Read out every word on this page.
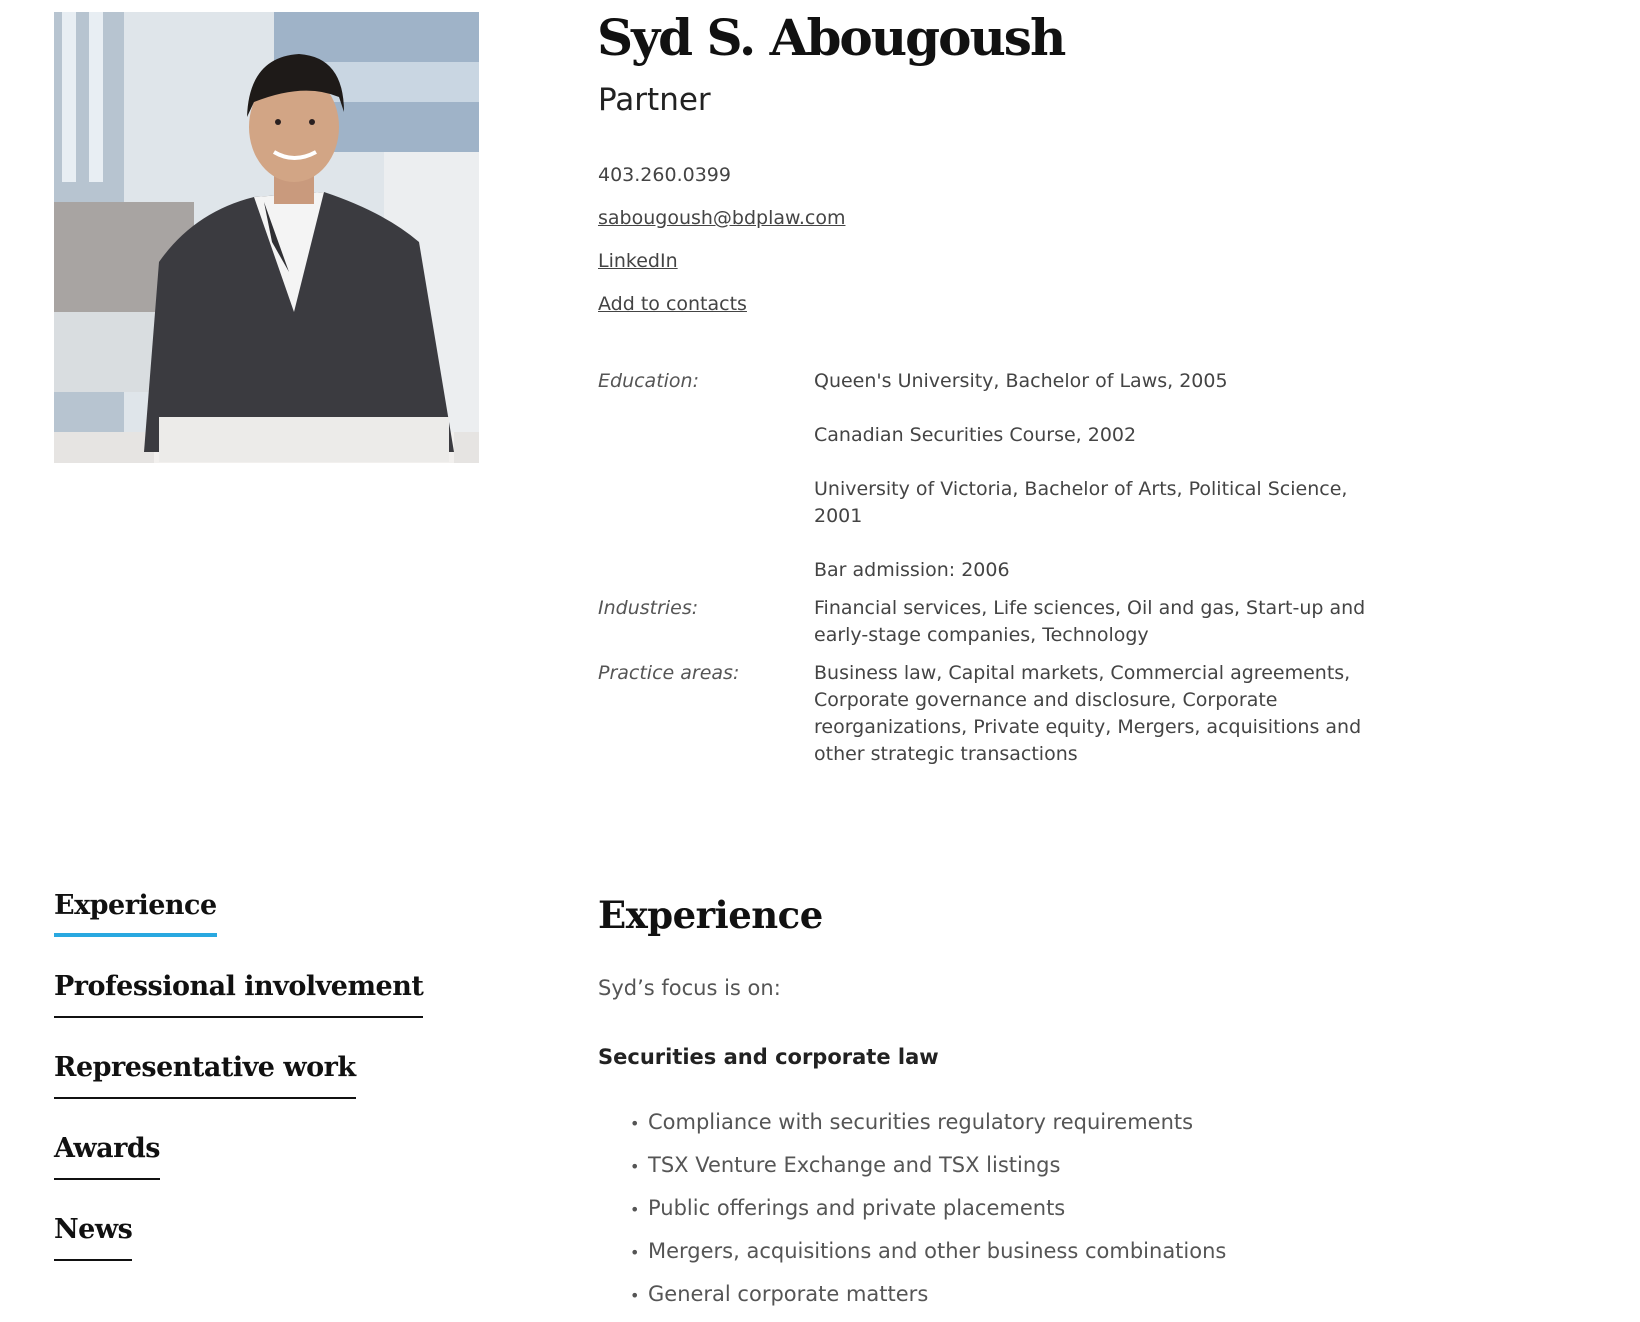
Syd S. Abougoush
Partner
403.260.0399
sabougoush@bdplaw.com
LinkedIn
Add to contacts
Education:	Queen's University, Bachelor of Laws, 2005

Canadian Securities Course, 2002

University of Victoria, Bachelor of Arts, Political Science, 2001

Bar admission: 2006

Industries:	Financial services, Life sciences, Oil and gas, Start-up and early-stage companies, Technology
Practice areas:	Business law, Capital markets, Commercial agreements, Corporate governance and disclosure, Corporate reorganizations, Private equity, Mergers, acquisitions and other strategic transactions
Experience
Professional involvement
Representative work
Awards
News
Experience
Syd’s focus is on:
Securities and corporate law
• Compliance with securities regulatory requirements
• TSX Venture Exchange and TSX listings
• Public offerings and private placements
• Mergers, acquisitions and other business combinations
• General corporate matters
